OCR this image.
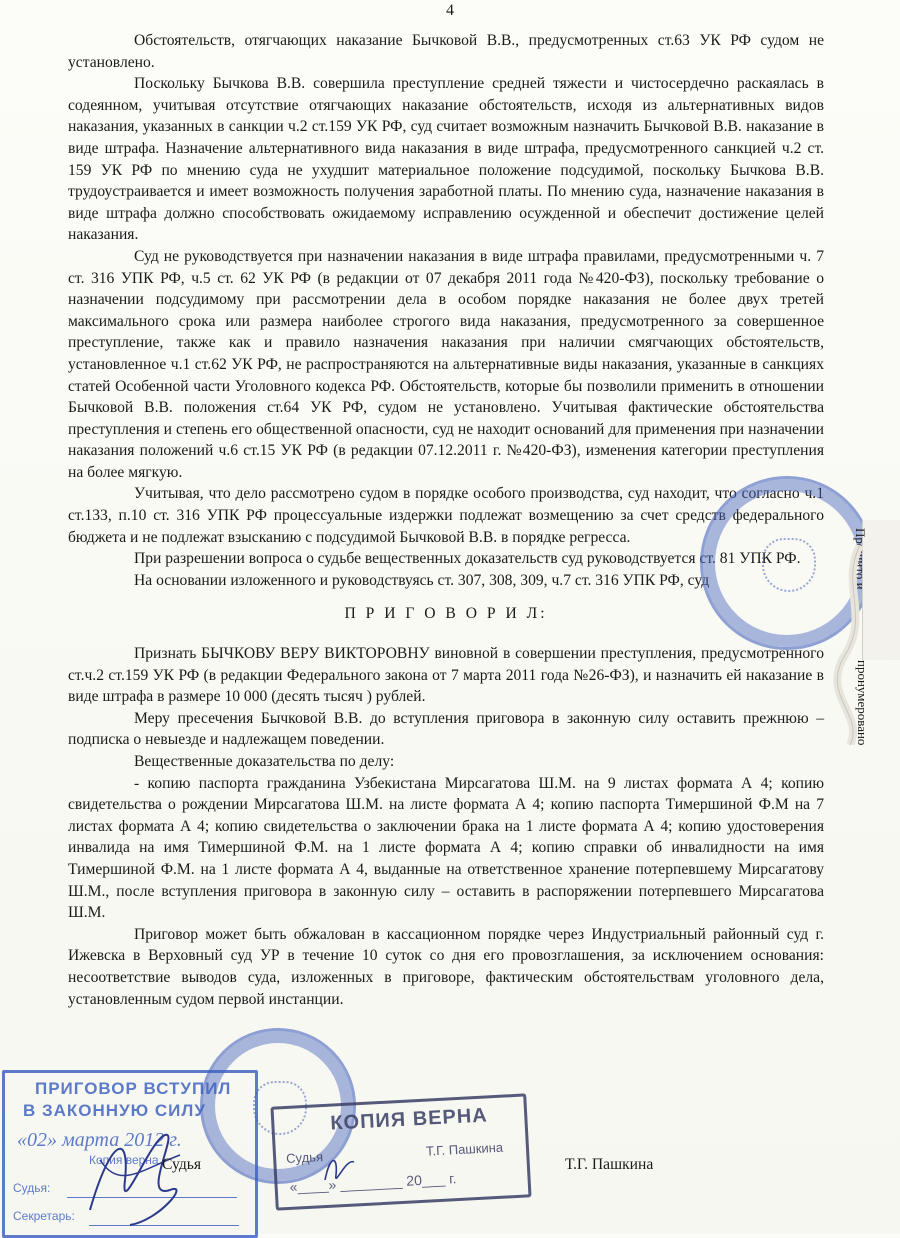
4

Обстоятельств, отягчающих наказание Бычковой В.В., предусмотренных ст.63 УК РФ судом не установлено.

Поскольку Бычкова В.В. совершила преступление средней тяжести и чистосердечно раскаялась в содеянном, учитывая отсутствие отягчающих наказание обстоятельств, исходя из альтернативных видов наказания, указанных в санкции ч.2 ст.159 УК РФ, суд считает возможным назначить Бычковой В.В. наказание в виде штрафа. Назначение альтернативного вида наказания в виде штрафа, предусмотренного санкцией ч.2 ст. 159 УК РФ по мнению суда не ухудшит материальное положение подсудимой, поскольку Бычкова В.В. трудоустраивается и имеет возможность получения заработной платы. По мнению суда, назначение наказания в виде штрафа должно способствовать ожидаемому исправлению осужденной и обеспечит достижение целей наказания.

Суд не руководствуется при назначении наказания в виде штрафа правилами, предусмотренными ч. 7 ст. 316 УПК РФ, ч.5 ст. 62 УК РФ (в редакции от 07 декабря 2011 года №420-ФЗ), поскольку требование о назначении подсудимому при рассмотрении дела в особом порядке наказания не более двух третей максимального срока или размера наиболее строгого вида наказания, предусмотренного за совершенное преступление, также как и правило назначения наказания при наличии смягчающих обстоятельств, установленное ч.1 ст.62 УК РФ, не распространяются на альтернативные виды наказания, указанные в санкциях статей Особенной части Уголовного кодекса РФ. Обстоятельств, которые бы позволили применить в отношении Бычковой В.В. положения ст.64 УК РФ, судом не установлено. Учитывая фактические обстоятельства преступления и степень его общественной опасности, суд не находит оснований для применения при назначении наказания положений ч.6 ст.15 УК РФ (в редакции 07.12.2011 г. №420-ФЗ), изменения категории преступления на более мягкую.

Учитывая, что дело рассмотрено судом в порядке особого производства, суд находит, что согласно ч.1 ст.133, п.10 ст. 316 УПК РФ процессуальные издержки подлежат возмещению за счет средств федерального бюджета и не подлежат взысканию с подсудимой Бычковой В.В. в порядке регресса.

При разрешении вопроса о судьбе вещественных доказательств суд руководствуется ст. 81 УПК РФ.

На основании изложенного и руководствуясь ст. 307, 308, 309, ч.7 ст. 316 УПК РФ, суд

П Р И Г О В О Р И Л:

Признать БЫЧКОВУ ВЕРУ ВИКТОРОВНУ виновной в совершении преступления, предусмотренного ст.ч.2 ст.159 УК РФ (в редакции Федерального закона от 7 марта 2011 года №26-ФЗ), и назначить ей наказание в виде штрафа в размере 10 000 (десять тысяч ) рублей.

Меру пресечения Бычковой В.В. до вступления приговора в законную силу оставить прежнюю – подписка о невыезде и надлежащем поведении.

Вещественные доказательства по делу:

- копию паспорта гражданина Узбекистана Мирсагатова Ш.М. на 9 листах формата А 4; копию свидетельства о рождении Мирсагатова Ш.М. на листе формата А 4; копию паспорта Тимершиной Ф.М на 7 листах формата А 4; копию свидетельства о заключении брака на 1 листе формата А 4; копию удостоверения инвалида на имя Тимершиной Ф.М. на 1 листе формата А 4; копию справки об инвалидности на имя Тимершиной Ф.М. на 1 листе формата А 4, выданные на ответственное хранение потерпевшему Мирсагатову Ш.М., после вступления приговора в законную силу – оставить в распоряжении потерпевшего Мирсагатова Ш.М.

Приговор может быть обжалован в кассационном порядке через Индустриальный районный суд г. Ижевска в Верховный суд УР в течение 10 суток со дня его провозглашения, за исключением основания: несоответствие выводов суда, изложенных в приговоре, фактическим обстоятельствам уголовного дела, установленным судом первой инстанции.

Прошито и
пронумеровано
ПРИГОВОР ВСТУПИЛ
В ЗАКОННУЮ СИЛУ
«02» марта 2012 г.
Копия верна
Судья:
Секретарь:
КОПИЯ ВЕРНА
Судья	Т.Г. Пашкина
«____» ________ 20___ г.
Судья	Т.Г. Пашкина
